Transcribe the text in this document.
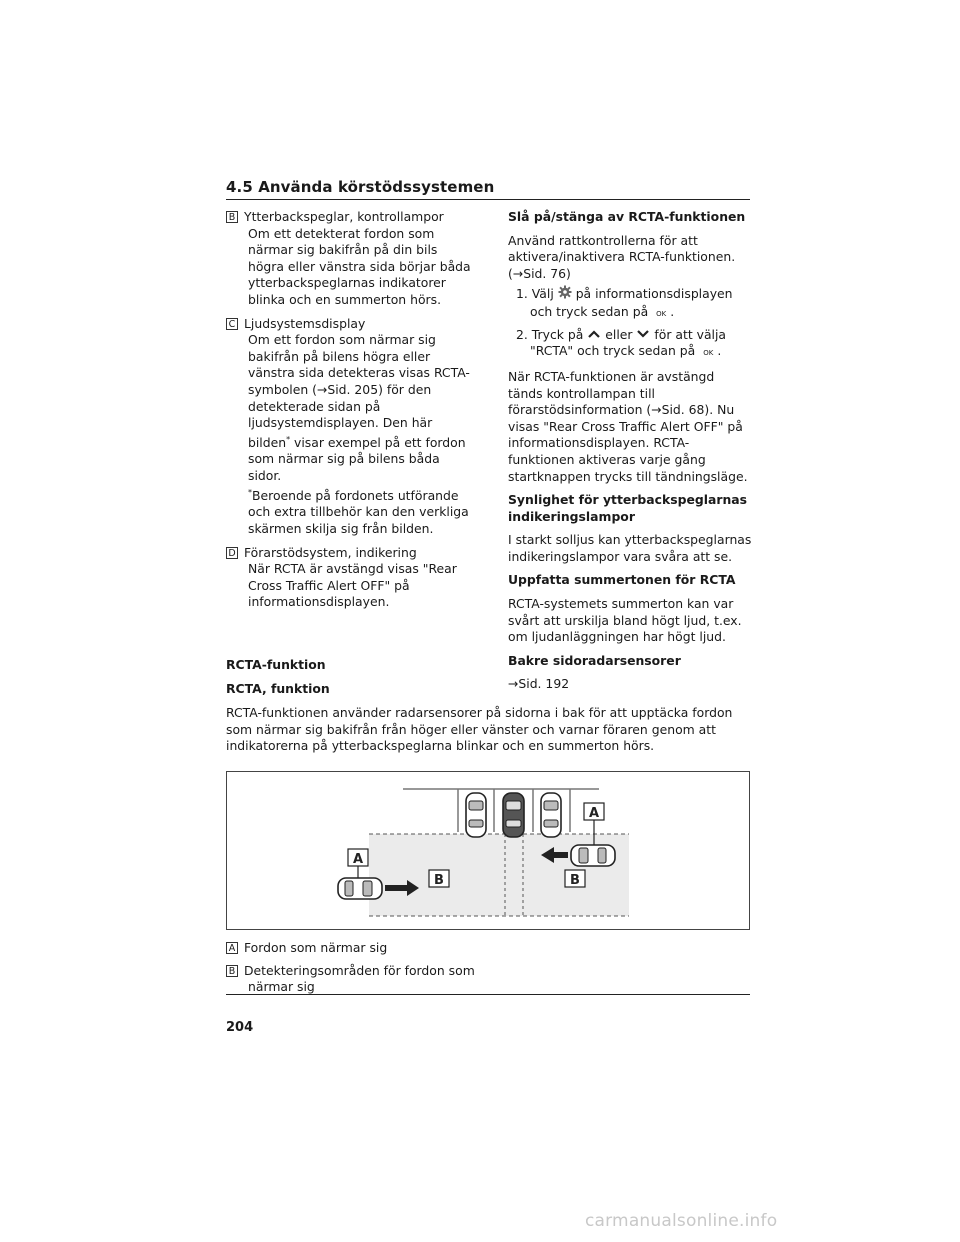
4.5 Använda körstödssystemen

B Ytterbackspeglar, kontrollampor

Om ett detekterat fordon som närmar sig bakifrån på din bils högra eller vänstra sida börjar båda ytterbackspeglarnas indikatorer blinka och en summerton hörs.

C Ljudsystemsdisplay

Om ett fordon som närmar sig bakifrån på bilens högra eller vänstra sida detekteras visas RCTA-symbolen (→Sid. 205) för den detekterade sidan på ljudsystemdisplayen. Den här bilden* visar exempel på ett fordon som närmar sig på bilens båda sidor.

*Beroende på fordonets utförande och extra tillbehör kan den verkliga skärmen skilja sig från bilden.

D Förarstödsystem, indikering

När RCTA är avstängd visas "Rear Cross Traffic Alert OFF" på informationsdisplayen.

Slå på/stänga av RCTA-funktionen

Använd rattkontrollerna för att aktivera/inaktivera RCTA-funktionen. (→Sid. 76)

1. Välj på informationsdisplayen och tryck sedan på OK .
2. Tryck på eller för att välja "RCTA" och tryck sedan på OK .

När RCTA-funktionen är avstängd tänds kontrollampan till förarstödsinformation (→Sid. 68). Nu visas "Rear Cross Traffic Alert OFF" på informationsdisplayen. RCTA-funktionen aktiveras varje gång startknappen trycks till tändningsläge.

Synlighet för ytterbackspeglarnas indikeringslampor

I starkt solljus kan ytterbackspeglarnas indikeringslampor vara svåra att se.

Uppfatta summertonen för RCTA

RCTA-systemets summerton kan var svårt att urskilja bland högt ljud, t.ex. om ljudanläggningen har högt ljud.

Bakre sidoradarsensorer

→Sid. 192

RCTA-funktion
RCTA, funktion
RCTA-funktionen använder radarsensorer på sidorna i bak för att upptäcka fordon som närmar sig bakifrån från höger eller vänster och varnar föraren genom att indikatorerna på ytterbackspeglarna blinkar och en summerton hörs.
A
A
B	B

A Fordon som närmar sig

B Detekteringsområden för fordon som närmar sig

204
carmanualsonline.info
